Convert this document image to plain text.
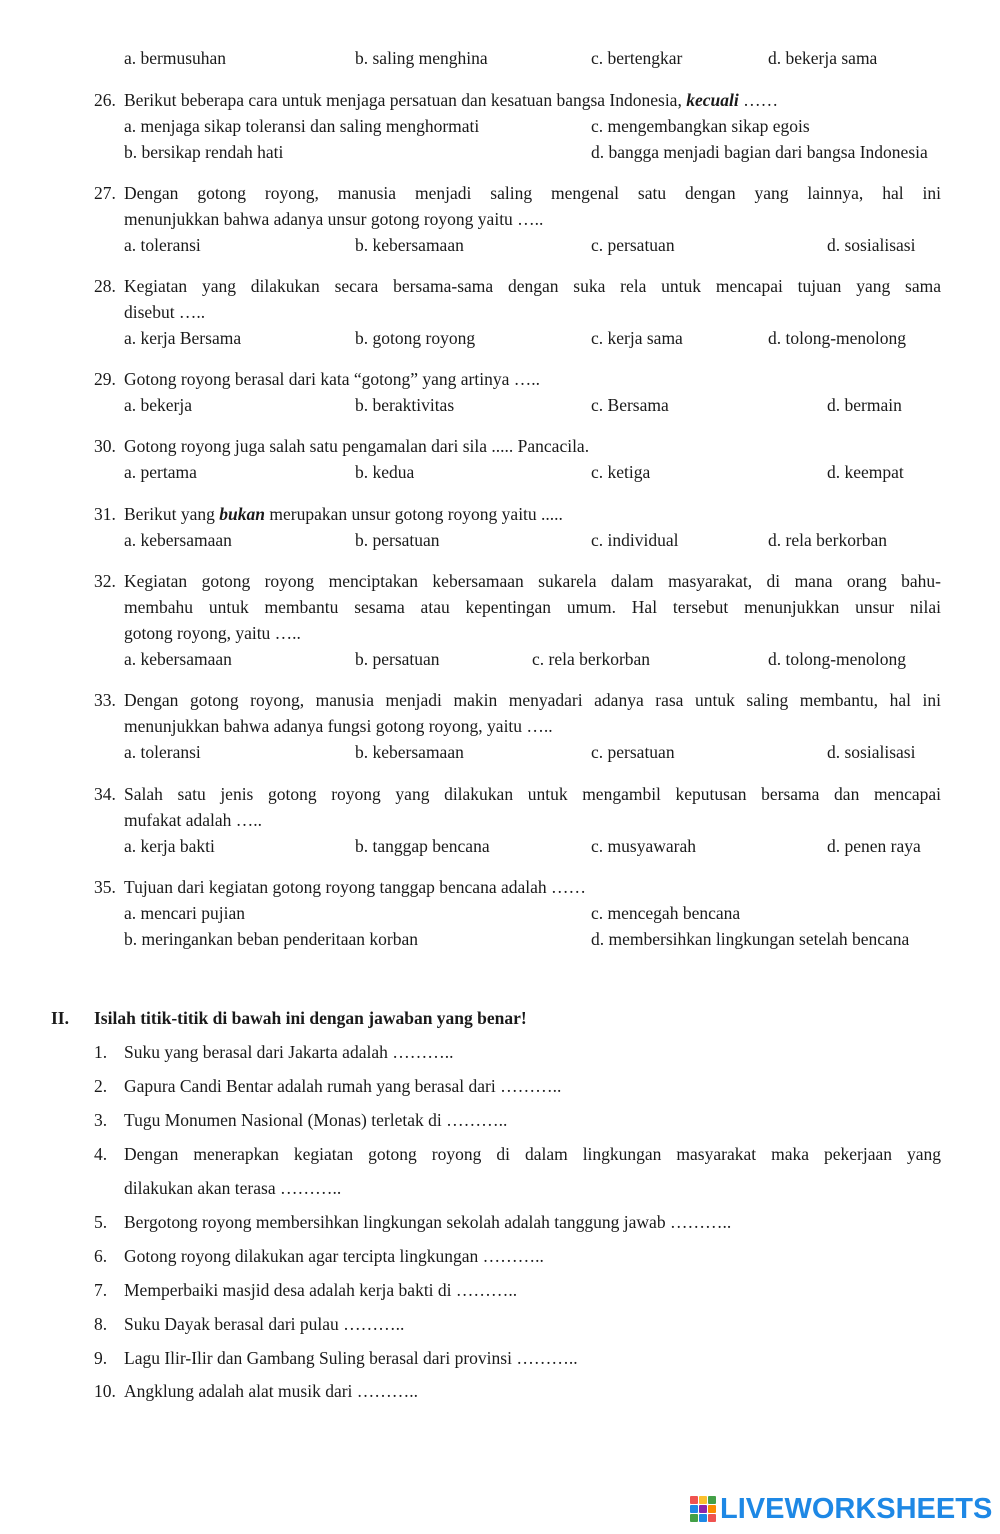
a. bermusuhan	b. saling menghina	c. bertengkar	d. bekerja sama
26. Berikut beberapa cara untuk menjaga persatuan dan kesatuan bangsa Indonesia, kecuali ……
a. menjaga sikap toleransi dan saling menghormati	c. mengembangkan sikap egois
b. bersikap rendah hati	d. bangga menjadi bagian dari bangsa Indonesia
27. Dengan gotong royong, manusia menjadi saling mengenal satu dengan yang lainnya, hal ini
menunjukkan bahwa adanya unsur gotong royong yaitu …..
a. toleransi	b. kebersamaan	c. persatuan	d. sosialisasi
28. Kegiatan yang dilakukan secara bersama-sama dengan suka rela untuk mencapai tujuan yang sama
disebut …..
a. kerja Bersama	b. gotong royong	c. kerja sama	d. tolong-menolong
29. Gotong royong berasal dari kata “gotong” yang artinya …..
a. bekerja	b. beraktivitas	c. Bersama	d. bermain
30. Gotong royong juga salah satu pengamalan dari sila ..... Pancacila.
a. pertama	b. kedua	c. ketiga	d. keempat
31. Berikut yang bukan merupakan unsur gotong royong yaitu .....
a. kebersamaan	b. persatuan	c. individual	d. rela berkorban
32. Kegiatan gotong royong menciptakan kebersamaan sukarela dalam masyarakat, di mana orang bahu-
membahu untuk membantu sesama atau kepentingan umum. Hal tersebut menunjukkan unsur nilai
gotong royong, yaitu …..
a. kebersamaan	b. persatuan	c. rela berkorban	d. tolong-menolong
33. Dengan gotong royong, manusia menjadi makin menyadari adanya rasa untuk saling membantu, hal ini
menunjukkan bahwa adanya fungsi gotong royong, yaitu …..
a. toleransi	b. kebersamaan	c. persatuan	d. sosialisasi
34. Salah satu jenis gotong royong yang dilakukan untuk mengambil keputusan bersama dan mencapai
mufakat adalah …..
a. kerja bakti	b. tanggap bencana	c. musyawarah	d. penen raya
35. Tujuan dari kegiatan gotong royong tanggap bencana adalah ……
a. mencari pujian	c. mencegah bencana
b. meringankan beban penderitaan korban	d. membersihkan lingkungan setelah bencana
II. Isilah titik-titik di bawah ini dengan jawaban yang benar!
1. Suku yang berasal dari Jakarta adalah ………..
2. Gapura Candi Bentar adalah rumah yang berasal dari ………..
3. Tugu Monumen Nasional (Monas) terletak di ………..
4. Dengan menerapkan kegiatan gotong royong di dalam lingkungan masyarakat maka pekerjaan yang
dilakukan akan terasa ………..
5. Bergotong royong membersihkan lingkungan sekolah adalah tanggung jawab ………..
6. Gotong royong dilakukan agar tercipta lingkungan ………..
7. Memperbaiki masjid desa adalah kerja bakti di ………..
8. Suku Dayak berasal dari pulau ………..
9. Lagu Ilir-Ilir dan Gambang Suling berasal dari provinsi ………..
10. Angklung adalah alat musik dari ………..
LIVEWORKSHEETS
